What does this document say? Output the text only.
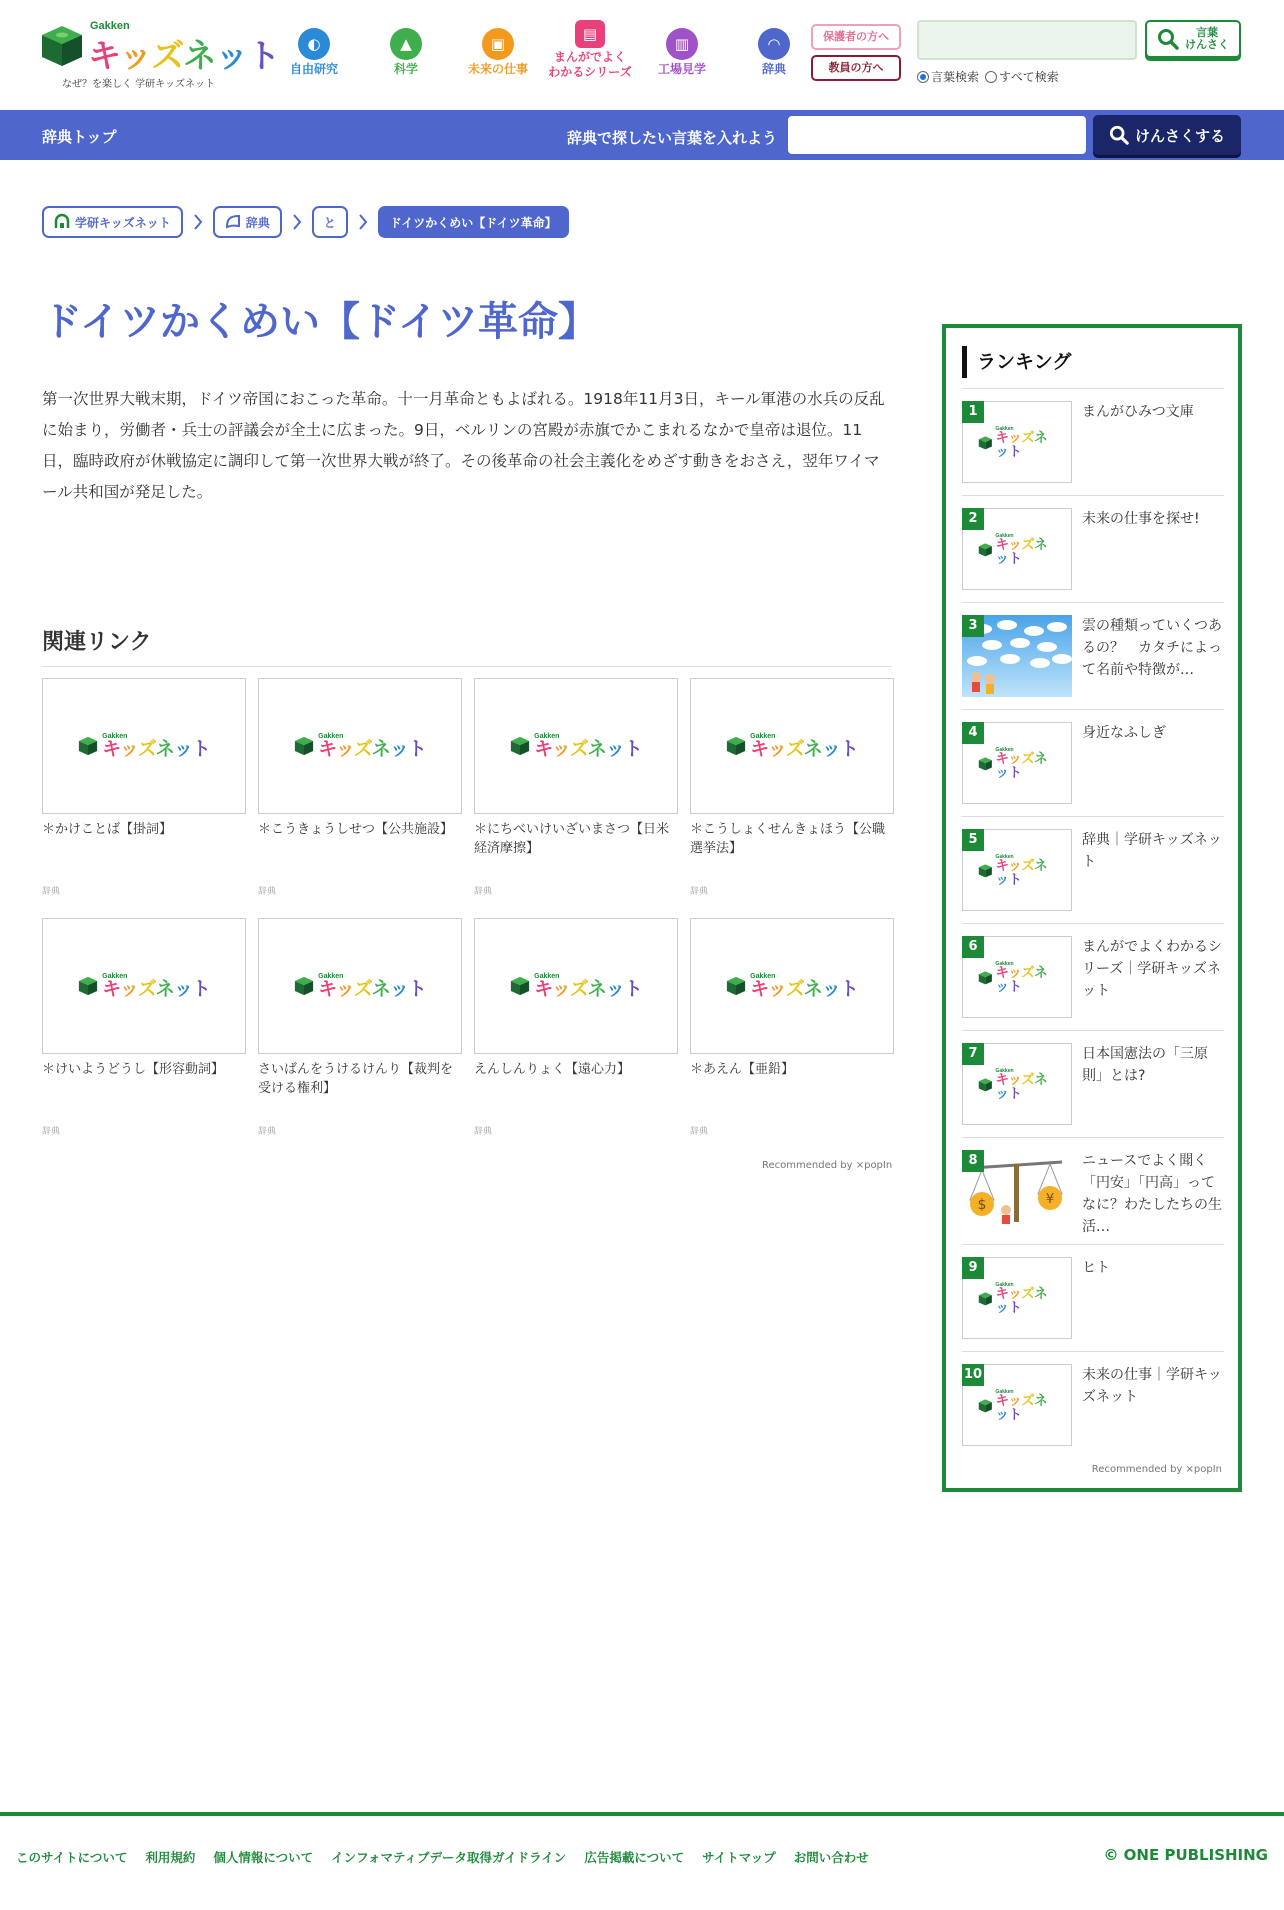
Gakken
キッズネット
なぜ？を楽しく 学研キッズネット
◐
自由研究
▲
科学
▣
未来の仕事
▤
まんがでよく
わかるシリーズ
▥
工場見学
◠
辞典
保護者の方へ
教員の方へ
言葉
けんさく
言葉検索 すべて検索
辞典トップ	辞典で探したい言葉を入れよう	けんさくする
学研キッズネット	辞典	と	ドイツかくめい【ドイツ革命】
ドイツかくめい【ドイツ革命】

第一次世界大戦末期，ドイツ帝国におこった革命。十一月革命ともよばれる。1918年11月3日，キール軍港の水兵の反乱に始まり，労働者・兵士の評議会が全土に広まった。9日，ベルリンの宮殿が赤旗でかこまれるなかで皇帝は退位。11日，臨時政府が休戦協定に調印して第一次世界大戦が終了。その後革命の社会主義化をめざす動きをおさえ，翌年ワイマール共和国が発足した。

関連リンク
Gakken
キッズネット
＊かけことば【掛詞】
辞典
Gakken
キッズネット
＊こうきょうしせつ【公共施設】
辞典
Gakken
キッズネット
＊にちべいけいざいまさつ【日米経済摩擦】
辞典
Gakken
キッズネット
＊こうしょくせんきょほう【公職選挙法】
辞典
Gakken
キッズネット
＊けいようどうし【形容動詞】
辞典
Gakken
キッズネット
さいばんをうけるけんり【裁判を受ける権利】
辞典
Gakken
キッズネット
えんしんりょく【遠心力】
辞典
Gakken
キッズネット
＊あえん【亜鉛】
辞典
Recommended by ⨯popIn
ランキング
Gakken
キッズネット
1	まんがひみつ文庫
Gakken
キッズネット
2	未来の仕事を探せ!
3	雲の種類っていくつあるの？　カタチによって名前や特徴が…
Gakken
キッズネット
4	身近なふしぎ
Gakken
キッズネット
5	辞典｜学研キッズネット
Gakken
キッズネット
6	まんがでよくわかるシリーズ｜学研キッズネット
Gakken
キッズネット
7	日本国憲法の「三原則」とは?
$	¥
8	ニュースでよく聞く「円安」「円高」ってなに？わたしたちの生活…
Gakken
キッズネット
9	ヒト
Gakken
キッズネット
10	未来の仕事｜学研キッズネット
Recommended by ⨯popIn
このサイトについて 利用規約 個人情報について インフォマティブデータ取得ガイドライン 広告掲載について サイトマップ お問い合わせ	© ONE PUBLISHING
